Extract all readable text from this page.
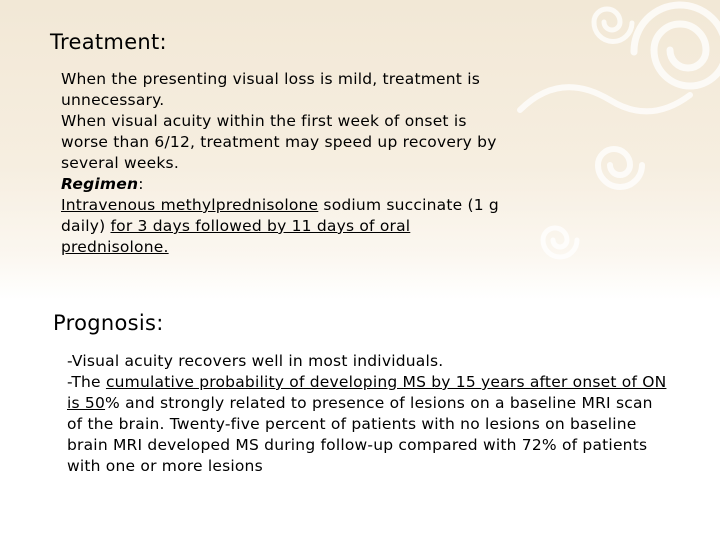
Treatment:
When the presenting visual loss is mild, treatment is unnecessary.
When visual acuity within the first week of onset is worse than 6/12, treatment may speed up recovery by several weeks.
Regimen:
Intravenous methylprednisolone sodium succinate (1 g daily) for 3 days followed by 11 days of oral prednisolone.
Prognosis:
-Visual acuity recovers well in most individuals.
-The cumulative probability of developing MS by 15 years after onset of ON is 50% and strongly related to presence of lesions on a baseline MRI scan of the brain. Twenty-five percent of patients with no lesions on baseline brain MRI developed MS during follow-up compared with 72% of patients with one or more lesions
